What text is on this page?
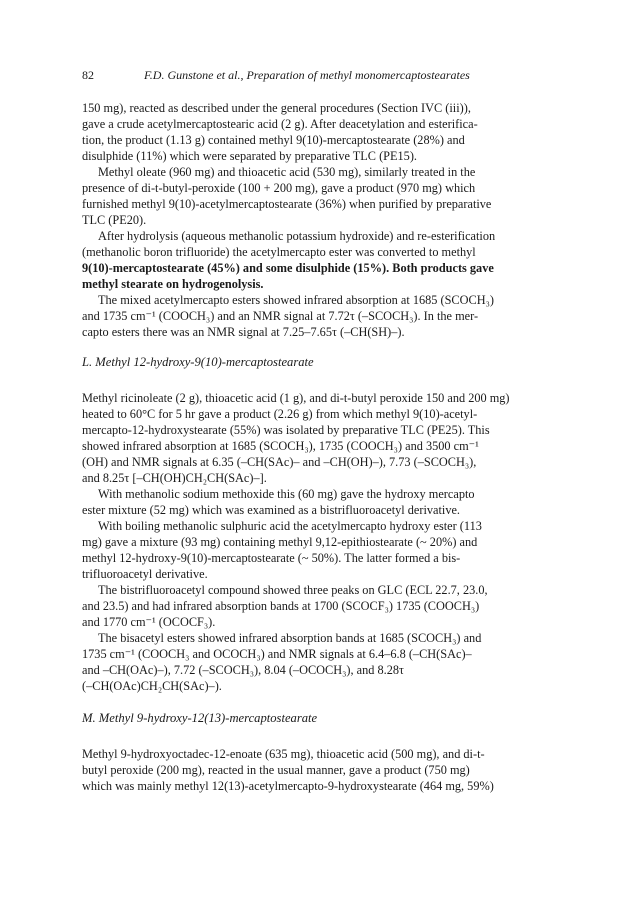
82	F.D. Gunstone et al., Preparation of methyl monomercaptostearates
150 mg), reacted as described under the general procedures (Section IVC (iii)),
gave a crude acetylmercaptostearic acid (2 g). After deacetylation and esterifica-
tion, the product (1.13 g) contained methyl 9(10)-mercaptostearate (28%) and
disulphide (11%) which were separated by preparative TLC (PE15).
Methyl oleate (960 mg) and thioacetic acid (530 mg), similarly treated in the
presence of di-t-butyl-peroxide (100 + 200 mg), gave a product (970 mg) which
furnished methyl 9(10)-acetylmercaptostearate (36%) when purified by preparative
TLC (PE20).
After hydrolysis (aqueous methanolic potassium hydroxide) and re-esterification
(methanolic boron trifluoride) the acetylmercapto ester was converted to methyl
9(10)-mercaptostearate (45%) and some disulphide (15%). Both products gave
methyl stearate on hydrogenolysis.
The mixed acetylmercapto esters showed infrared absorption at 1685 (SCOCH₃)
and 1735 cm⁻¹ (COOCH₃) and an NMR signal at 7.72τ (–SCOCH₃). In the mer-
capto esters there was an NMR signal at 7.25–7.65τ (–CH(SH)–).
L. Methyl 12-hydroxy-9(10)-mercaptostearate
Methyl ricinoleate (2 g), thioacetic acid (1 g), and di-t-butyl peroxide 150 and 200 mg)
heated to 60°C for 5 hr gave a product (2.26 g) from which methyl 9(10)-acetyl-
mercapto-12-hydroxystearate (55%) was isolated by preparative TLC (PE25). This
showed infrared absorption at 1685 (SCOCH₃), 1735 (COOCH₃) and 3500 cm⁻¹
(OH) and NMR signals at 6.35 (–CH(SAc)– and –CH(OH)–), 7.73 (–SCOCH₃),
and 8.25τ [–CH(OH)CH₂CH(SAc)–].
With methanolic sodium methoxide this (60 mg) gave the hydroxy mercapto
ester mixture (52 mg) which was examined as a bistrifluoroacetyl derivative.
With boiling methanolic sulphuric acid the acetylmercapto hydroxy ester (113
mg) gave a mixture (93 mg) containing methyl 9,12-epithiostearate (~ 20%) and
methyl 12-hydroxy-9(10)-mercaptostearate (~ 50%). The latter formed a bis-
trifluoroacetyl derivative.
The bistrifluoroacetyl compound showed three peaks on GLC (ECL 22.7, 23.0,
and 23.5) and had infrared absorption bands at 1700 (SCOCF₃) 1735 (COOCH₃)
and 1770 cm⁻¹ (OCOCF₃).
The bisacetyl esters showed infrared absorption bands at 1685 (SCOCH₃) and
1735 cm⁻¹ (COOCH₃ and OCOCH₃) and NMR signals at 6.4–6.8 (–CH(SAc)–
and –CH(OAc)–), 7.72 (–SCOCH₃), 8.04 (–OCOCH₃), and 8.28τ
(–CH(OAc)CH₂CH(SAc)–).
M. Methyl 9-hydroxy-12(13)-mercaptostearate
Methyl 9-hydroxyoctadec-12-enoate (635 mg), thioacetic acid (500 mg), and di-t-
butyl peroxide (200 mg), reacted in the usual manner, gave a product (750 mg)
which was mainly methyl 12(13)-acetylmercapto-9-hydroxystearate (464 mg, 59%)
